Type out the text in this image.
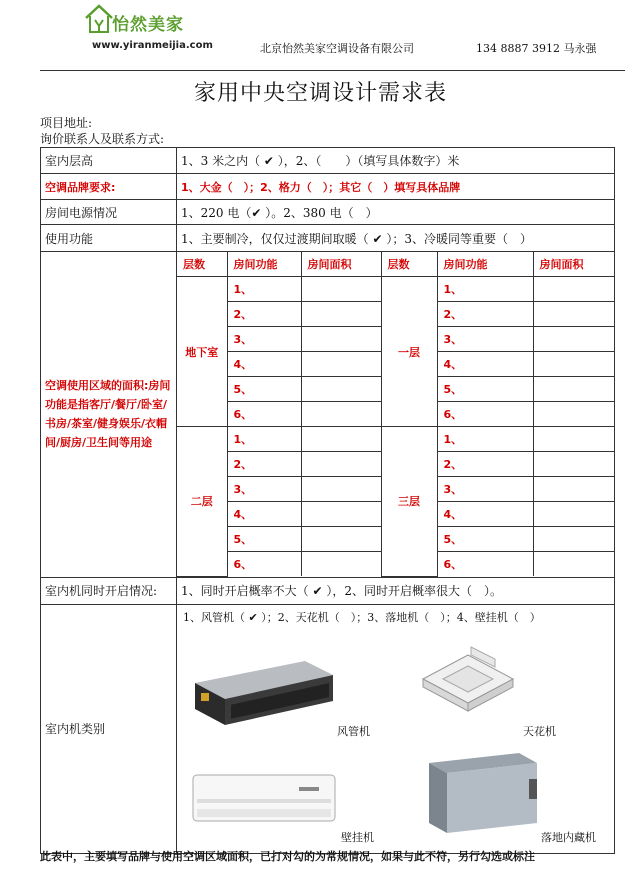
怡然美家
www.yiranmeijia.com	北京怡然美家空调设备有限公司	134 8887 3912 马永强
家用中央空调设计需求表
项目地址:
询价联系人及联系方式:
室内层高	1、3 米之内（ ✔ ），2、（　　）（填写具体数字）米
空调品牌要求:	1、大金（　）；2、格力（　）；其它（　）填写具体品牌
房间电源情况	1、220 电（✔ ）。2、380 电（　）
使用功能	1、主要制冷，仅仅过渡期间取暖（ ✔ ）；3、冷暖同等重要（　）
空调使用区域的面积:房间功能是指客厅/餐厅/卧室/书房/茶室/健身娱乐/衣帽间/厨房/卫生间等用途	
层数	房间功能	房间面积	层数	房间功能	房间面积
地下室	1、		一层	1、	
2、		2、	
3、		3、	
4、		4、	
5、		5、	
6、		6、	
二层	1、		三层	1、	
2、		2、	
3、		3、	
4、		4、	
5、		5、	
6、		6、	

室内机同时开启情况:	1、同时开启概率不大（ ✔ ），2、同时开启概率很大（　）。
室内机类别	
1、风管机（ ✔ ）；2、天花机（　）；3、落地机（　）；4、壁挂机（　）
风管机	天花机
壁挂机	落地内藏机
此表中，主要填写品牌与使用空调区域面积，已打对勾的为常规情况，如果与此不符，另行勾选或标注
